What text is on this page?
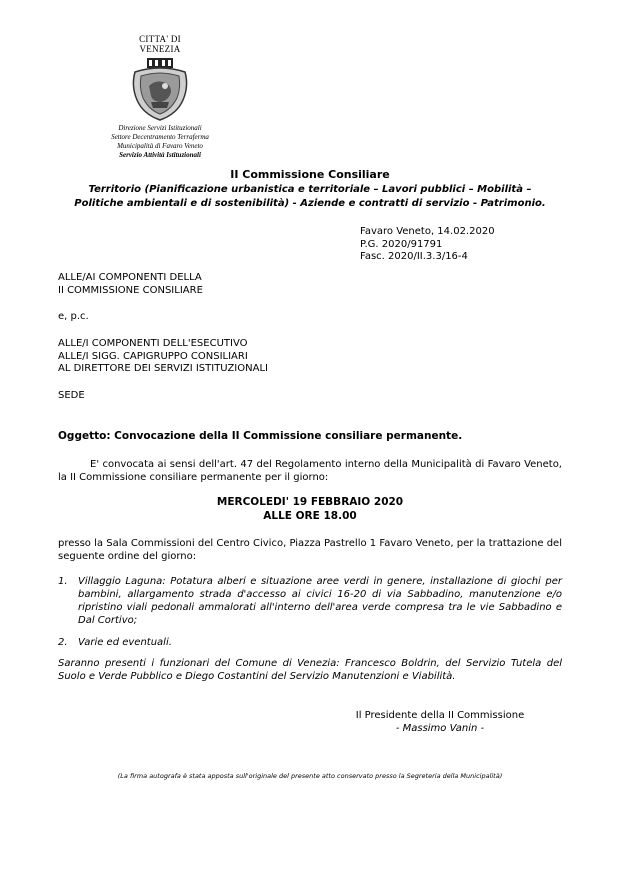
CITTA' DI
VENEZIA
Direzione Servizi Istituzionali
Settore Decentramento Terraferma
Municipalità di Favaro Veneto
Servizio Attività Istituzionali
II Commissione Consiliare
Territorio (Pianificazione urbanistica e territoriale – Lavori pubblici – Mobilità –
Politiche ambientali e di sostenibilità) - Aziende e contratti di servizio - Patrimonio.
Favaro Veneto, 14.02.2020
P.G. 2020/91791
Fasc. 2020/II.3.3/16-4
ALLE/AI COMPONENTI DELLA
II COMMISSIONE CONSILIARE
e, p.c.
ALLE/I COMPONENTI DELL'ESECUTIVO
ALLE/I SIGG. CAPIGRUPPO CONSILIARI
AL DIRETTORE DEI SERVIZI ISTITUZIONALI
SEDE
Oggetto: Convocazione della II Commissione consiliare permanente.
E' convocata ai sensi dell'art. 47 del Regolamento interno della Municipalità di Favaro Veneto, la II Commissione consiliare permanente per il giorno:
MERCOLEDI' 19 FEBBRAIO 2020
ALLE ORE 18.00
presso la Sala Commissioni del Centro Civico, Piazza Pastrello 1 Favaro Veneto, per la trattazione del seguente ordine del giorno:
1.	Villaggio Laguna: Potatura alberi e situazione aree verdi in genere, installazione di giochi per bambini, allargamento strada d'accesso ai civici 16-20 di via Sabbadino, manutenzione e/o ripristino viali pedonali ammalorati all'interno dell'area verde compresa tra le vie Sabbadino e Dal Cortivo;
2.	Varie ed eventuali.
Saranno presenti i funzionari del Comune di Venezia: Francesco Boldrin, del Servizio Tutela del Suolo e Verde Pubblico e Diego Costantini del Servizio Manutenzioni e Viabilità.
Il Presidente della II Commissione
- Massimo Vanin -
(La firma autografa è stata apposta sull'originale del presente atto conservato presso la Segreteria della Municipalità)
